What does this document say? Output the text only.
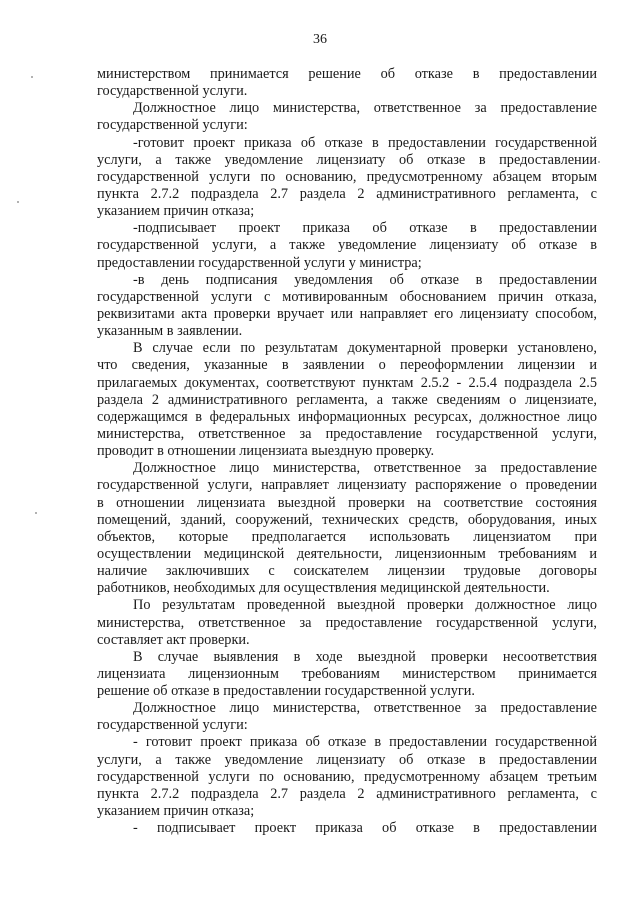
36
министерством принимается решение об отказе в предоставлении
государственной услуги.
Должностное лицо министерства, ответственное за предоставление
государственной услуги:
-готовит проект приказа об отказе в предоставлении государственной
услуги, а также уведомление лицензиату об отказе в предоставлении
государственной услуги по основанию, предусмотренному абзацем вторым
пункта 2.7.2 подраздела 2.7 раздела 2 административного регламента, с
указанием причин отказа;
-подписывает проект приказа об отказе в предоставлении
государственной услуги, а также уведомление лицензиату об отказе в
предоставлении государственной услуги у министра;
-в день подписания уведомления об отказе в предоставлении
государственной услуги с мотивированным обоснованием причин отказа,
реквизитами акта проверки вручает или направляет его лицензиату способом,
указанным в заявлении.
В случае если по результатам документарной проверки установлено,
что сведения, указанные в заявлении о переоформлении лицензии и
прилагаемых документах, соответствуют пунктам 2.5.2 - 2.5.4 подраздела 2.5
раздела 2 административного регламента, а также сведениям о лицензиате,
содержащимся в федеральных информационных ресурсах, должностное лицо
министерства, ответственное за предоставление государственной услуги,
проводит в отношении лицензиата выездную проверку.
Должностное лицо министерства, ответственное за предоставление
государственной услуги, направляет лицензиату распоряжение о проведении
в отношении лицензиата выездной проверки на соответствие состояния
помещений, зданий, сооружений, технических средств, оборудования, иных
объектов, которые предполагается использовать лицензиатом при
осуществлении медицинской деятельности, лицензионным требованиям и
наличие заключивших с соискателем лицензии трудовые договоры
работников, необходимых для осуществления медицинской деятельности.
По результатам проведенной выездной проверки должностное лицо
министерства, ответственное за предоставление государственной услуги,
составляет акт проверки.
В случае выявления в ходе выездной проверки несоответствия
лицензиата лицензионным требованиям министерством принимается
решение об отказе в предоставлении государственной услуги.
Должностное лицо министерства, ответственное за предоставление
государственной услуги:
- готовит проект приказа об отказе в предоставлении государственной
услуги, а также уведомление лицензиату об отказе в предоставлении
государственной услуги по основанию, предусмотренному абзацем третьим
пункта 2.7.2 подраздела 2.7 раздела 2 административного регламента, с
указанием причин отказа;
- подписывает проект приказа об отказе в предоставлении
